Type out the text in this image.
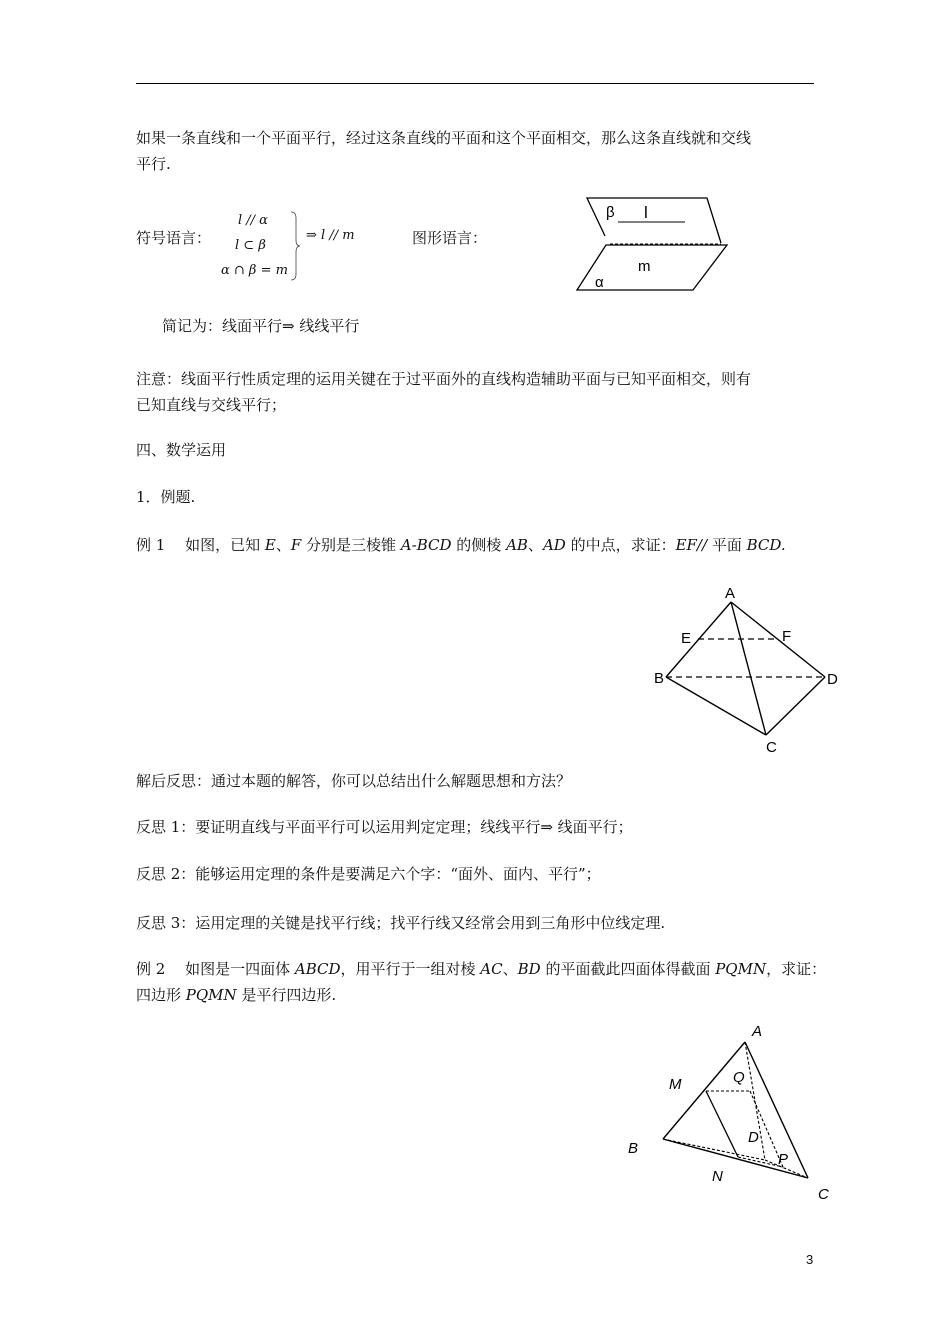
如果一条直线和一个平面平行，经过这条直线的平面和这个平面相交，那么这条直线就和交线
平行.
符号语言：
l // α
l ⊂ β
α ∩ β = m
⇒ l // m	图形语言：
β l
m
α
简记为：线面平行⇒ 线线平行
注意：线面平行性质定理的运用关键在于过平面外的直线构造辅助平面与已知平面相交，则有
已知直线与交线平行；
四、数学运用
1．例题.
例 1　 如图，已知 E、F 分别是三棱锥 A-BCD 的侧棱 AB、AD 的中点，求证：EF// 平面 BCD.
A
E	F
B	D
C
解后反思：通过本题的解答，你可以总结出什么解题思想和方法？
反思 1：要证明直线与平面平行可以运用判定定理；线线平行⇒ 线面平行；
反思 2：能够运用定理的条件是要满足六个字：“面外、面内、平行”；
反思 3：运用定理的关键是找平行线；找平行线又经常会用到三角形中位线定理.
例 2　 如图是一四面体 ABCD，用平行于一组对棱 AC、BD 的平面截此四面体得截面 PQMN，求证：
四边形 PQMN 是平行四边形.
A
M	Q
B
D
P
N
C
3
